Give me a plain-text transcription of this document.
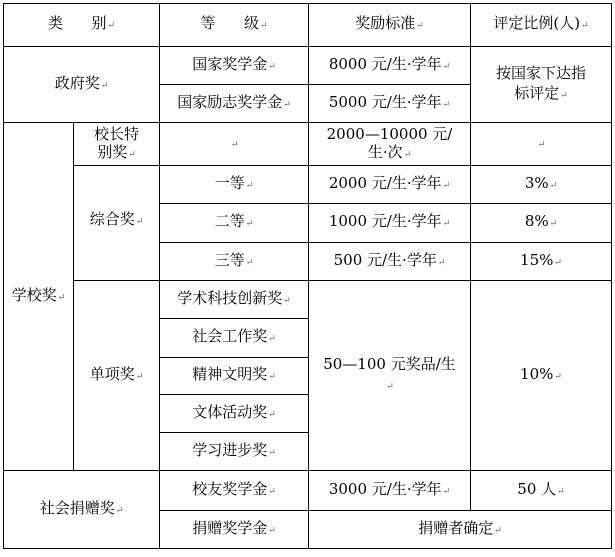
类      别↵		等      级↵	奖励标准↵	评定比例(人)↵
政府奖↵		国家奖学金↵	8000 元/生·学年↵	按国家下达指标评定↵

		国家励志奖学金↵	5000 元/生·学年↵	
学校奖↵	校长特别奖↵	↵	2000—10000 元/生·次↵	↵
	综合奖↵	一等↵	2000 元/生·学年↵	3%↵
		二等↵	1000 元/生·学年↵	8%↵
		三等↵	500 元/生·学年↵	15%↵
	单项奖↵	学术科技创新奖↵	50—100 元奖品/生↵	10%↵
		社会工作奖↵		
		精神文明奖↵		
		文体活动奖↵		
		学习进步奖↵		
社会捐赠奖↵		校友奖学金↵	3000 元/生·学年↵	50 人↵
		捐赠奖学金↵	捐赠者确定↵	
